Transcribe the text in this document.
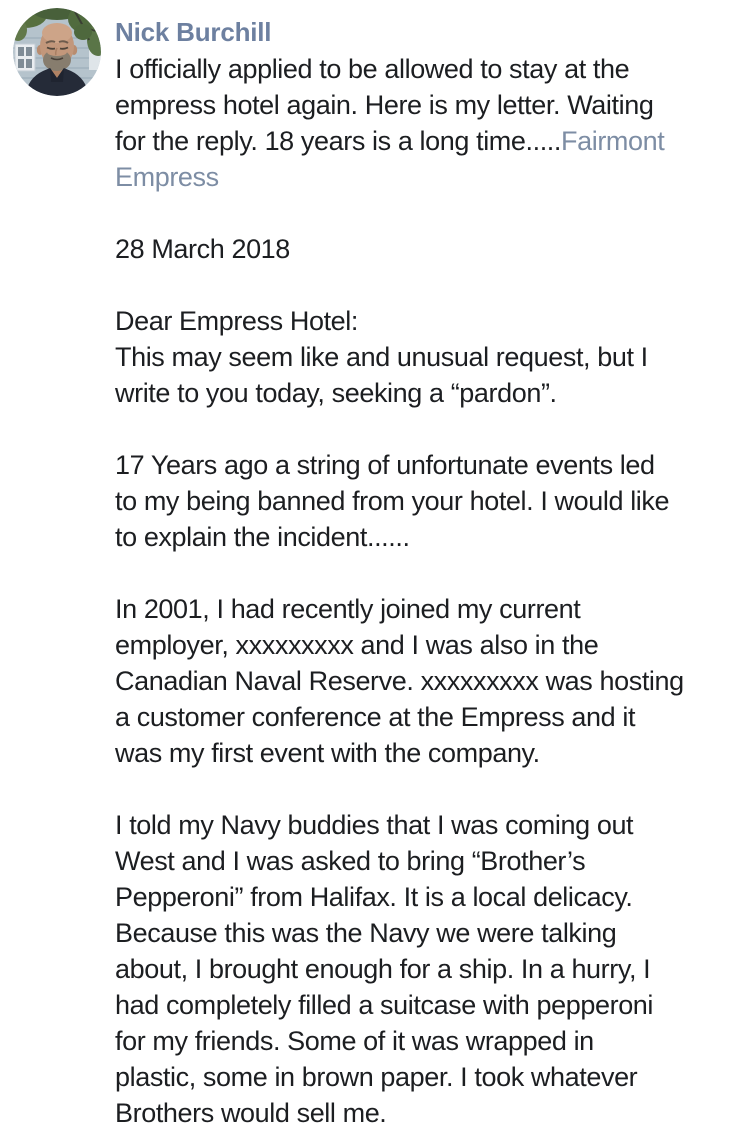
Nick Burchill
I officially applied to be allowed to stay at the
empress hotel again. Here is my letter. Waiting
for the reply. 18 years is a long time.....Fairmont
Empress
28 March 2018
Dear Empress Hotel:
This may seem like and unusual request, but I
write to you today, seeking a “pardon”.
17 Years ago a string of unfortunate events led
to my being banned from your hotel. I would like
to explain the incident......
In 2001, I had recently joined my current
employer, xxxxxxxxx and I was also in the
Canadian Naval Reserve. xxxxxxxxx was hosting
a customer conference at the Empress and it
was my first event with the company.
I told my Navy buddies that I was coming out
West and I was asked to bring “Brother’s
Pepperoni” from Halifax. It is a local delicacy.
Because this was the Navy we were talking
about, I brought enough for a ship. In a hurry, I
had completely filled a suitcase with pepperoni
for my friends. Some of it was wrapped in
plastic, some in brown paper. I took whatever
Brothers would sell me.
